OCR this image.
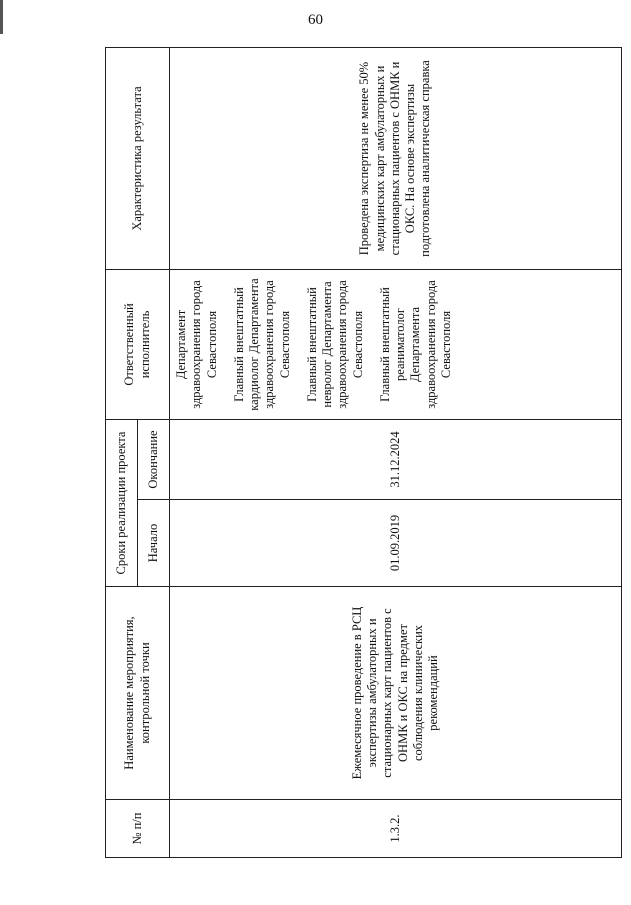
60
№ п/п	Наименование мероприятия, контрольной точки	Сроки реализации проекта		Ответственный исполнитель	Характеристика результата
		Начало	Окончание		
1.3.2.	Ежемесячное проведение в РСЦ экспертизы амбулаторных и стационарных карт пациентов с ОНМК и ОКС на предмет соблюдения клинических рекомендаций	01.09.2019	31.12.2024	Департамент здравоохранения города Севастополя Главный внештатный кардиолог Департамента здравоохранения города Севастополя Главный внештатный невролог Департамента здравоохранения города Севастополя Главный внештатный реаниматолог Департамента здравоохранения города Севастополя	Проведена экспертиза не менее 50% медицинских карт амбулаторных и стационарных пациентов с ОНМК и ОКС. На основе экспертизы подготовлена аналитическая справка
